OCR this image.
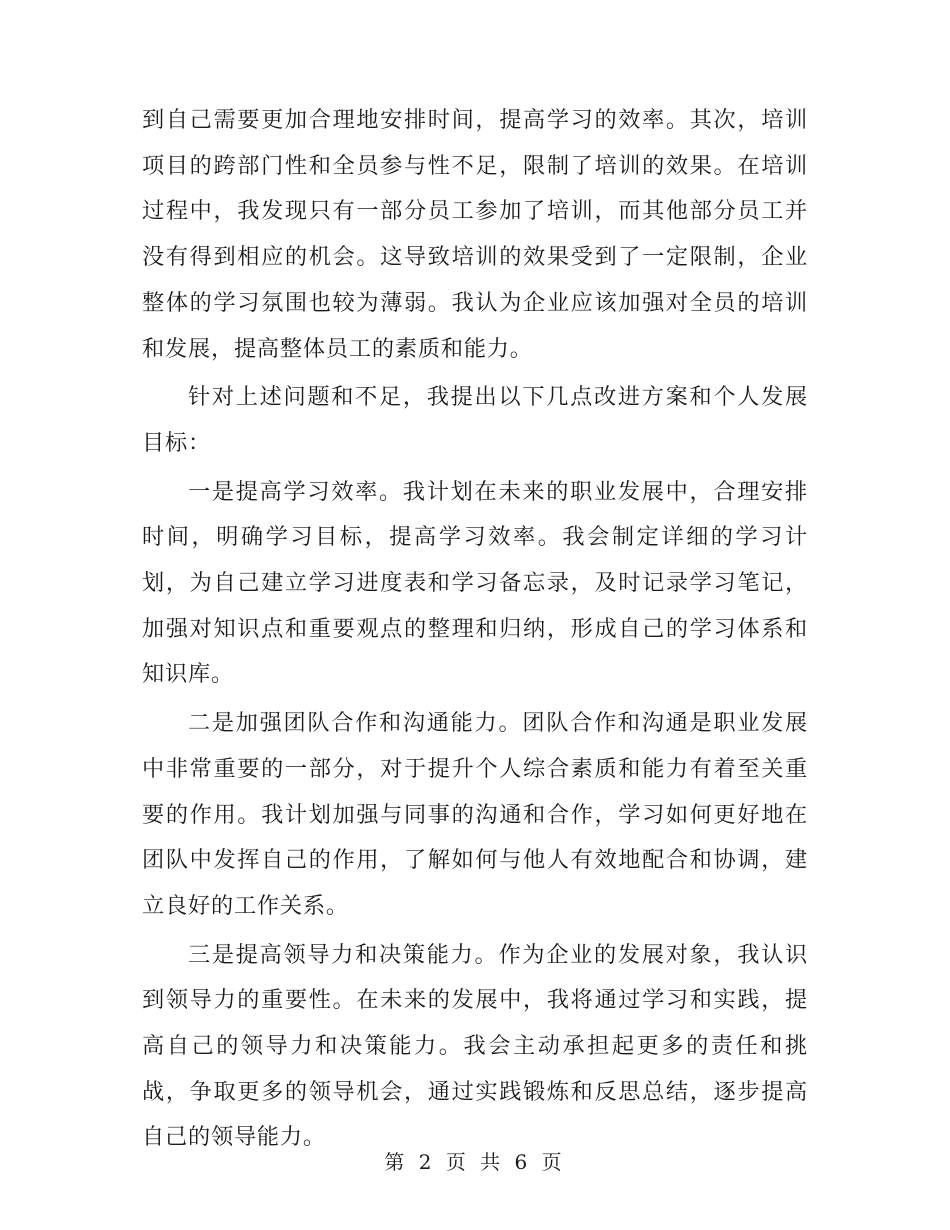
到自己需要更加合理地安排时间，提高学习的效率。其次，培训项目的跨部门性和全员参与性不足，限制了培训的效果。在培训过程中，我发现只有一部分员工参加了培训，而其他部分员工并没有得到相应的机会。这导致培训的效果受到了一定限制，企业整体的学习氛围也较为薄弱。我认为企业应该加强对全员的培训和发展，提高整体员工的素质和能力。

针对上述问题和不足，我提出以下几点改进方案和个人发展目标：

一是提高学习效率。我计划在未来的职业发展中，合理安排时间，明确学习目标，提高学习效率。我会制定详细的学习计划，为自己建立学习进度表和学习备忘录，及时记录学习笔记，加强对知识点和重要观点的整理和归纳，形成自己的学习体系和知识库。

二是加强团队合作和沟通能力。团队合作和沟通是职业发展中非常重要的一部分，对于提升个人综合素质和能力有着至关重要的作用。我计划加强与同事的沟通和合作，学习如何更好地在团队中发挥自己的作用，了解如何与他人有效地配合和协调，建立良好的工作关系。

三是提高领导力和决策能力。作为企业的发展对象，我认识到领导力的重要性。在未来的发展中，我将通过学习和实践，提高自己的领导力和决策能力。我会主动承担起更多的责任和挑战，争取更多的领导机会，通过实践锻炼和反思总结，逐步提高自己的领导能力。

第 2 页 共 6 页
